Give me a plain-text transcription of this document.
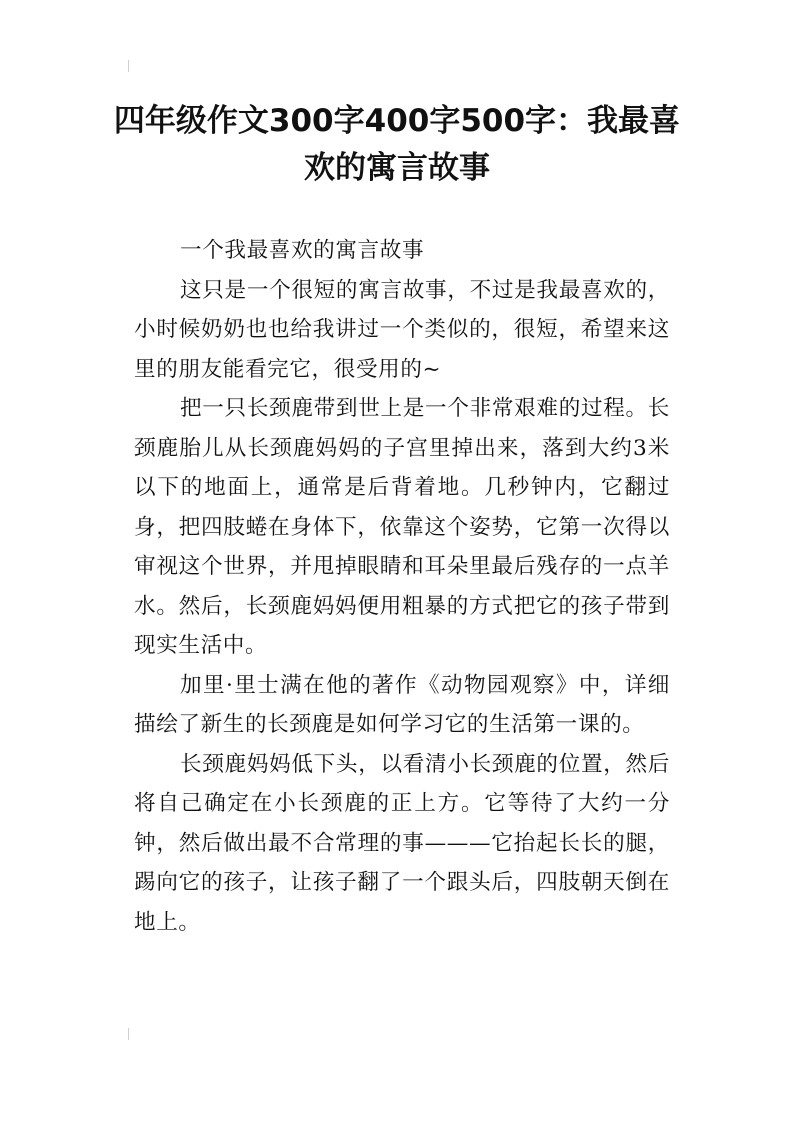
四年级作文300字400字500字：我最喜欢的寓言故事

一个我最喜欢的寓言故事

这只是一个很短的寓言故事，不过是我最喜欢的，小时候奶奶也也给我讲过一个类似的，很短，希望来这里的朋友能看完它，很受用的~

把一只长颈鹿带到世上是一个非常艰难的过程。长颈鹿胎儿从长颈鹿妈妈的子宫里掉出来，落到大约3米以下的地面上，通常是后背着地。几秒钟内，它翻过身，把四肢蜷在身体下，依靠这个姿势，它第一次得以审视这个世界，并甩掉眼睛和耳朵里最后残存的一点羊水。然后，长颈鹿妈妈便用粗暴的方式把它的孩子带到现实生活中。

加里·里士满在他的著作《动物园观察》中，详细描绘了新生的长颈鹿是如何学习它的生活第一课的。

长颈鹿妈妈低下头，以看清小长颈鹿的位置，然后将自己确定在小长颈鹿的正上方。它等待了大约一分钟，然后做出最不合常理的事———它抬起长长的腿，踢向它的孩子，让孩子翻了一个跟头后，四肢朝天倒在地上。
